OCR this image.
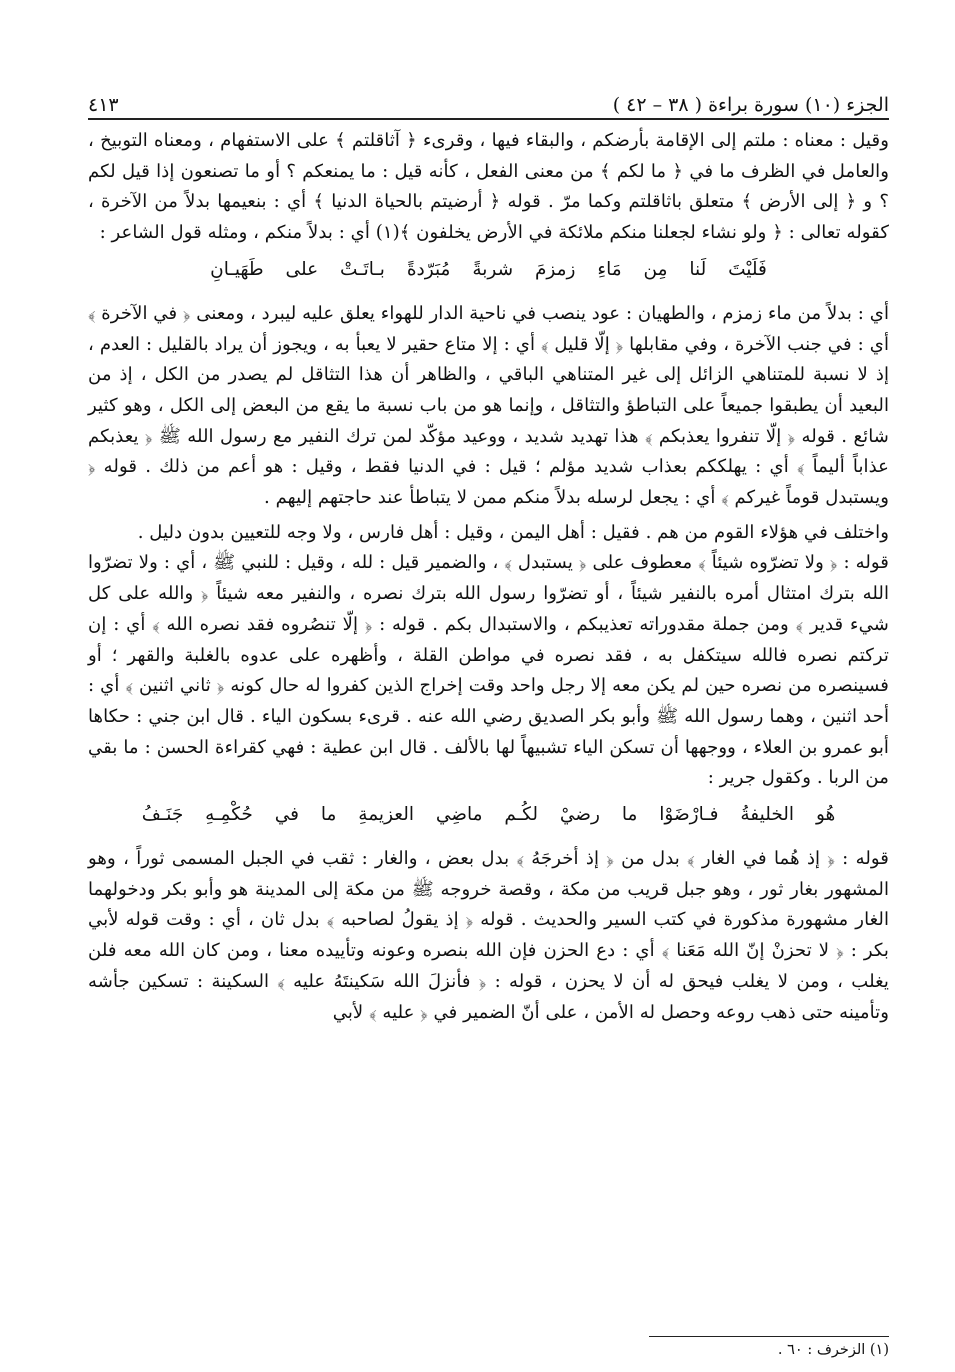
الجزء (١٠) سورة براءة ( ٣٨ – ٤٢ )
٤١٣

وقيل : معناه : ملتم إلى الإقامة بأرضكم ، والبقاء فيها ، وقرىء ﴿ آثاقلتم ﴾ على الاستفهام ، ومعناه التوبيخ ، والعامل في الظرف ما في ﴿ ما لكم ﴾ من معنى الفعل ، كأنه قيل : ما يمنعكم ؟ أو ما تصنعون إذا قيل لكم ؟ و ﴿ إلى الأرض ﴾ متعلق باثاقلتم وكما مرّ . قوله ﴿ أرضيتم بالحياة الدنيا ﴾ أي : بنعيمها بدلاً من الآخرة ، كقوله تعالى : ﴿ ولو نشاء لجعلنا منكم ملائكة في الأرض يخلفون ﴾(١) أي : بدلاً منكم ، ومثله قول الشاعر :

فَلَيْتَ لَنا مِن مَاءِ زمزمَ شربةً مُبَرّدةً بـاتَـتْ على طَهَيـانِ

أي : بدلاً من ماء زمزم ، والطهيان : عود ينصب في ناحية الدار للهواء يعلق عليه ليبرد ، ومعنى ﴿ في الآخرة ﴾ أي : في جنب الآخرة ، وفي مقابلها ﴿ إلّا قليل ﴾ أي : إلا متاع حقير لا يعبأ به ، ويجوز أن يراد بالقليل : العدم ، إذ لا نسبة للمتناهي الزائل إلى غير المتناهي الباقي ، والظاهر أن هذا التثاقل لم يصدر من الكل ، إذ من البعيد أن يطبقوا جميعاً على التباطؤ والتثاقل ، وإنما هو من باب نسبة ما يقع من البعض إلى الكل ، وهو كثير شائع . قوله ﴿ إلّا تنفروا يعذبكم ﴾ هذا تهديد شديد ، ووعيد مؤكّد لمن ترك النفير مع رسول الله ﷺ ﴿ يعذبكم عذاباً أليماً ﴾ أي : يهلككم بعذاب شديد مؤلم ؛ قيل : في الدنيا فقط ، وقيل : هو أعم من ذلك . قوله ﴿ ويستبدل قوماً غيركم ﴾ أي : يجعل لرسله بدلاً منكم ممن لا يتباطأ عند حاجتهم إليهم .

واختلف في هؤلاء القوم من هم . فقيل : أهل اليمن ، وقيل : أهل فارس ، ولا وجه للتعيين بدون دليل .

قوله : ﴿ ولا تضرّوه شيئاً ﴾ معطوف على ﴿ يستبدل ﴾ ، والضمير قيل : لله ، وقيل : للنبي ﷺ ، أي : ولا تضرّوا الله بترك امتثال أمره بالنفير شيئاً ، أو تضرّوا رسول الله بترك نصره ، والنفير معه شيئاً ﴿ والله على كل شيء قدير ﴾ ومن جملة مقدوراته تعذيبكم ، والاستبدال بكم . قوله : ﴿ إلّا تنصُروه فقد نصره الله ﴾ أي : إن تركتم نصره فالله سيتكفل به ، فقد نصره في مواطن القلة ، وأظهره على عدوه بالغلبة والقهر ؛ أو فسينصره من نصره حين لم يكن معه إلا رجل واحد وقت إخراج الذين كفروا له حال كونه ﴿ ثاني اثنين ﴾ أي : أحد اثنين ، وهما رسول الله ﷺ وأبو بكر الصديق رضي الله عنه . قرىء بسكون الياء . قال ابن جني : حكاها أبو عمرو بن العلاء ، ووجهها أن تسكن الياء تشبيهاً لها بالألف . قال ابن عطية : فهي كقراءة الحسن : ما بقي من الربا . وكقول جرير :

هُو الخليفةُ فـارْضَوْا ما رضيْ لكُـم ماضِي العزيمةِ ما في حُكْمِـهِ جَنَـفُ

قوله : ﴿ إذ هُما في الغار ﴾ بدل من ﴿ إذ أخرجَهُ ﴾ بدل بعض ، والغار : ثقب في الجبل المسمى ثوراً ، وهو المشهور بغار ثور ، وهو جبل قريب من مكة ، وقصة خروجه ﷺ من مكة إلى المدينة هو وأبو بكر ودخولهما الغار مشهورة مذكورة في كتب السير والحديث . قوله ﴿ إذ يقولُ لصاحبه ﴾ بدل ثان ، أي : وقت قوله لأبي بكر : ﴿ لا تحزنْ إنّ الله مَعَنا ﴾ أي : دع الحزن فإن الله بنصره وعونه وتأييده معنا ، ومن كان الله معه فلن يغلب ، ومن لا يغلب فيحق له أن لا يحزن ، قوله : ﴿ فأنزلَ الله سَكينتَهُ عليه ﴾ السكينة : تسكين جأشه وتأمينه حتى ذهب روعه وحصل له الأمن ، على أنّ الضمير في ﴿ عليه ﴾ لأبي

(١) الزخرف : ٦٠ .
